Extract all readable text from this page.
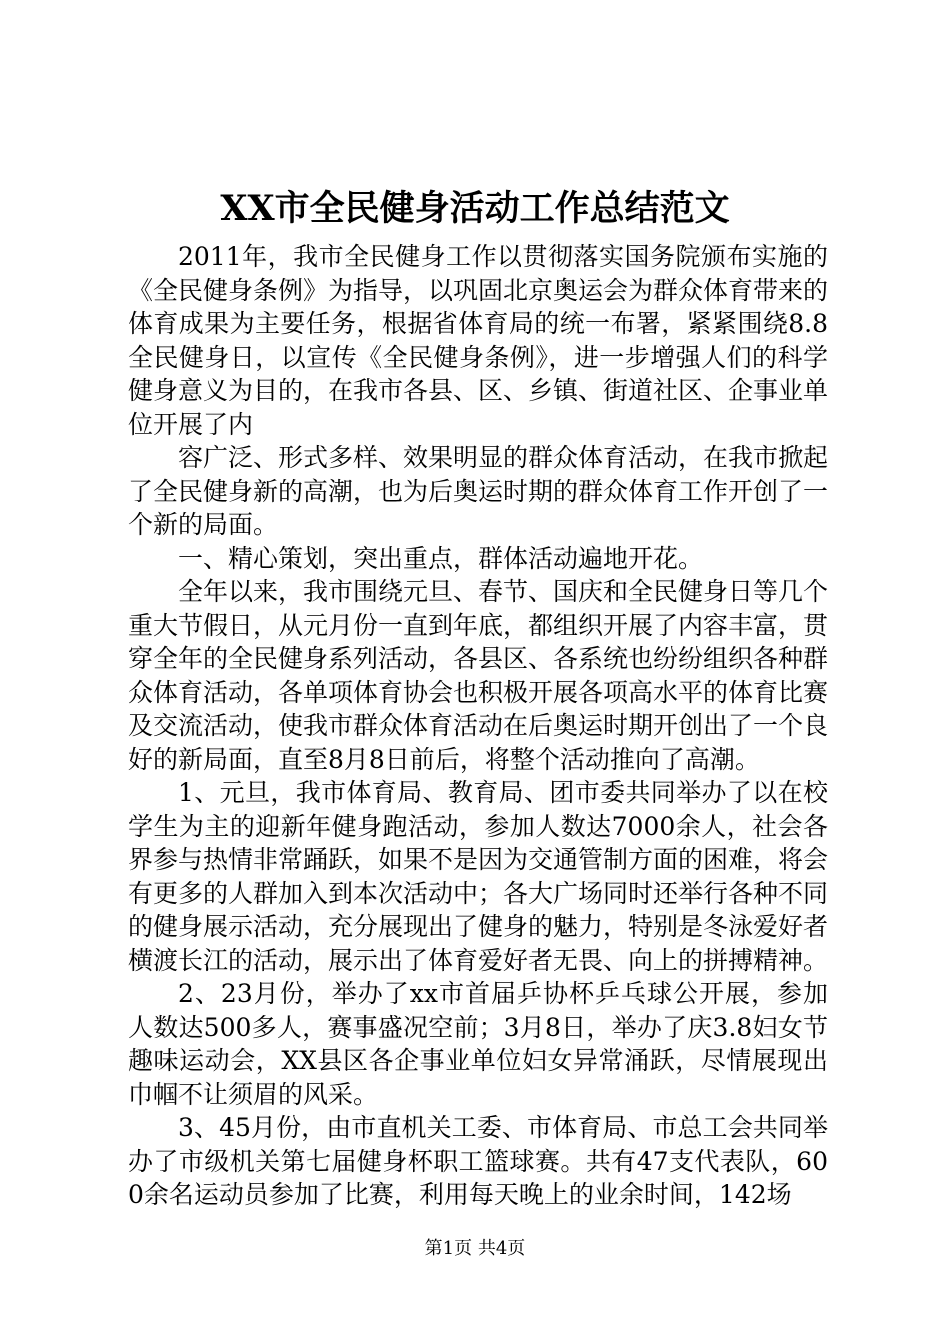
XX市全民健身活动工作总结范文

2011年，我市全民健身工作以贯彻落实国务院颁布实施的《全民健身条例》为指导，以巩固北京奥运会为群众体育带来的体育成果为主要任务，根据省体育局的统一布署，紧紧围绕8.8全民健身日，以宣传《全民健身条例》，进一步增强人们的科学健身意义为目的，在我市各县、区、乡镇、街道社区、企事业单位开展了内

容广泛、形式多样、效果明显的群众体育活动，在我市掀起了全民健身新的高潮，也为后奥运时期的群众体育工作开创了一个新的局面。

一、精心策划，突出重点，群体活动遍地开花。

全年以来，我市围绕元旦、春节、国庆和全民健身日等几个重大节假日，从元月份一直到年底，都组织开展了内容丰富，贯穿全年的全民健身系列活动，各县区、各系统也纷纷组织各种群众体育活动，各单项体育协会也积极开展各项高水平的体育比赛及交流活动，使我市群众体育活动在后奥运时期开创出了一个良好的新局面，直至8月8日前后，将整个活动推向了高潮。

1、元旦，我市体育局、教育局、团市委共同举办了以在校学生为主的迎新年健身跑活动，参加人数达7000余人，社会各界参与热情非常踊跃，如果不是因为交通管制方面的困难，将会有更多的人群加入到本次活动中；各大广场同时还举行各种不同的健身展示活动，充分展现出了健身的魅力，特别是冬泳爱好者横渡长江的活动，展示出了体育爱好者无畏、向上的拼搏精神。

2、23月份，举办了xx市首届乒协杯乒乓球公开展，参加人数达500多人，赛事盛况空前；3月8日，举办了庆3.8妇女节趣味运动会，XX县区各企事业单位妇女异常涌跃，尽情展现出巾帼不让须眉的风采。

3、45月份，由市直机关工委、市体育局、市总工会共同举办了市级机关第七届健身杯职工篮球赛。共有47支代表队，600余名运动员参加了比赛，利用每天晚上的业余时间，142场

第1页 共4页
